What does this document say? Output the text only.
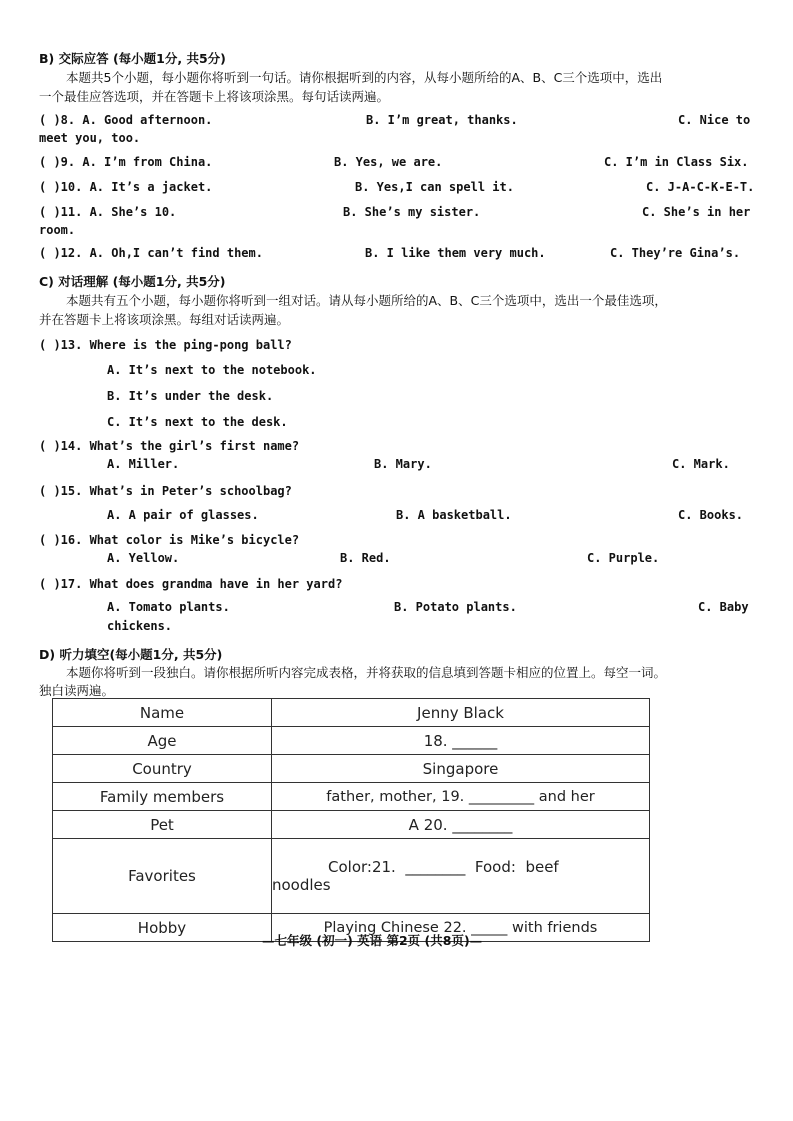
B) 交际应答 (每小题1分, 共5分)
本题共5个小题，每小题你将听到一句话。请你根据听到的内容，从每小题所给的A、B、C三个选项中，选出
一个最佳应答选项，并在答题卡上将该项涂黑。每句话读两遍。
( )8. A. Good afternoon.	B. I’m great, thanks.	C. Nice to
meet you, too.
( )9. A. I’m from China.	B. Yes, we are.	C. I’m in Class Six.
( )10. A. It’s a jacket.	B. Yes,I can spell it.	C. J-A-C-K-E-T.
( )11. A. She’s 10.	B. She’s my sister.	C. She’s in her
room.
( )12. A. Oh,I can’t find them.	B. I like them very much.	C. They’re Gina’s.
C) 对话理解 (每小题1分, 共5分)
本题共有五个小题，每小题你将听到一组对话。请从每小题所给的A、B、C三个选项中，选出一个最佳选项，
并在答题卡上将该项涂黑。每组对话读两遍。
( )13. Where is the ping-pong ball?
A. It’s next to the notebook.
B. It’s under the desk.
C. It’s next to the desk.
( )14. What’s the girl’s first name?
A. Miller.	B. Mary.	C. Mark.
( )15. What’s in Peter’s schoolbag?
A. A pair of glasses.	B. A basketball.	C. Books.
( )16. What color is Mike’s bicycle?
A. Yellow.	B. Red.	C. Purple.
( )17. What does grandma have in her yard?
A. Tomato plants.	B. Potato plants.	C. Baby
chickens.
D) 听力填空(每小题1分, 共5分)
本题你将听到一段独白。请你根据所听内容完成表格，并将获取的信息填到答题卡相应的位置上。每空一词。
独白读两遍。
Name	Jenny Black
Age	18. ______
Country	Singapore
Family members	father, mother, 19. _________ and her
Pet	A 20. ________
Favorites	Color:21.  ________  Food:  beef
noodles

Hobby	Playing Chinese 22. _____ with friends
—七年级 (初一) 英语 第2页 (共8页)—
